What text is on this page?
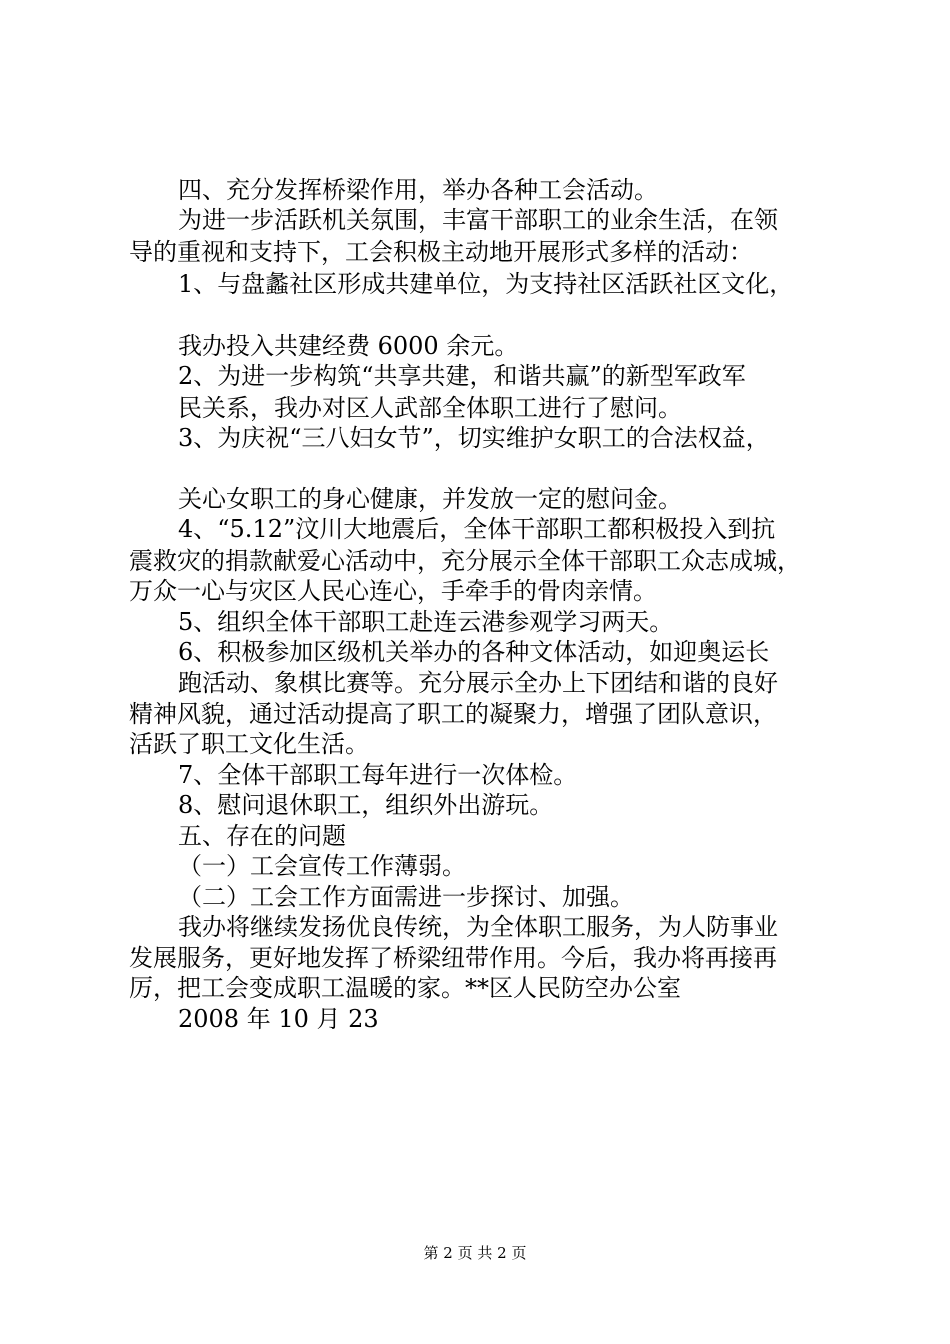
四、充分发挥桥梁作用，举办各种工会活动。
为进一步活跃机关氛围，丰富干部职工的业余生活，在领
导的重视和支持下，工会积极主动地开展形式多样的活动：
1、与盘蠡社区形成共建单位，为支持社区活跃社区文化，
我办投入共建经费 6000 余元。
2、为进一步构筑“共享共建，和谐共赢”的新型军政军
民关系，我办对区人武部全体职工进行了慰问。
3、为庆祝“三八妇女节”，切实维护女职工的合法权益，
关心女职工的身心健康，并发放一定的慰问金。
4、“5.12”汶川大地震后，全体干部职工都积极投入到抗
震救灾的捐款献爱心活动中，充分展示全体干部职工众志成城，
万众一心与灾区人民心连心，手牵手的骨肉亲情。
5、组织全体干部职工赴连云港参观学习两天。
6、积极参加区级机关举办的各种文体活动，如迎奥运长
跑活动、象棋比赛等。充分展示全办上下团结和谐的良好
精神风貌，通过活动提高了职工的凝聚力，增强了团队意识，
活跃了职工文化生活。
7、全体干部职工每年进行一次体检。
8、慰问退休职工，组织外出游玩。
五、存在的问题
（一）工会宣传工作薄弱。
（二）工会工作方面需进一步探讨、加强。
我办将继续发扬优良传统，为全体职工服务，为人防事业
发展服务，更好地发挥了桥梁纽带作用。今后，我办将再接再
厉，把工会变成职工温暖的家。**区人民防空办公室
2008 年 10 月 23
第 2 页 共 2 页
